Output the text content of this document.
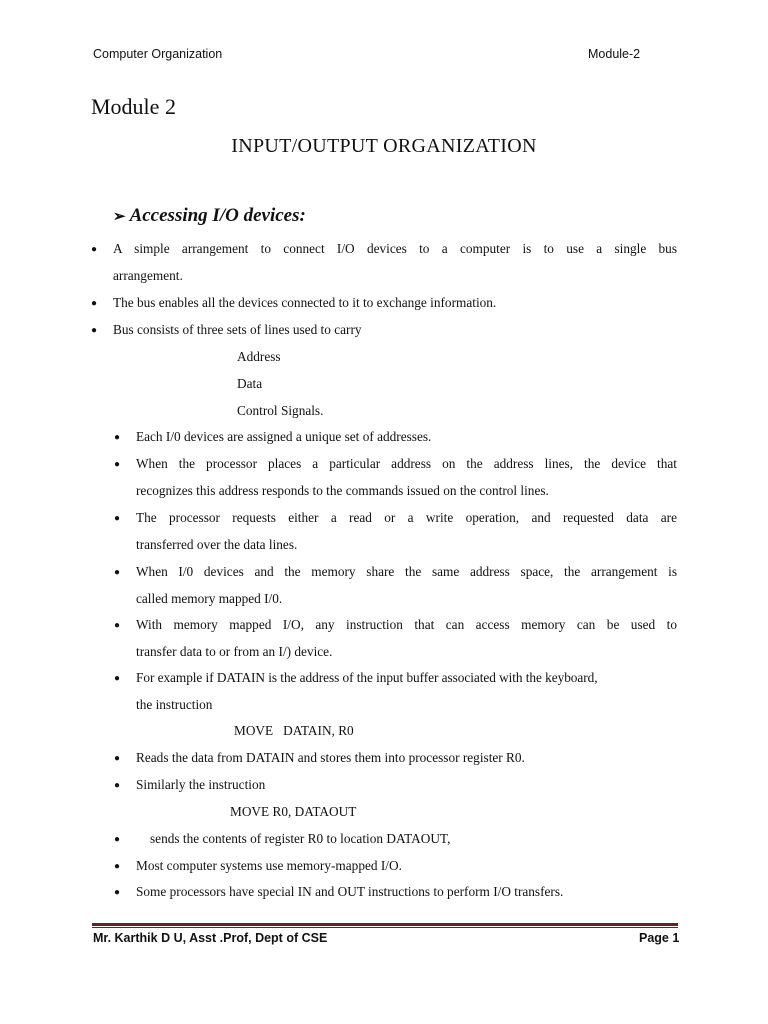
Computer Organization	Module-2
Module 2
INPUT/OUTPUT ORGANIZATION
➢ Accessing I/O devices:
● A simple arrangement to connect I/O devices to a computer is to use a single bus
arrangement.
● The bus enables all the devices connected to it to exchange information.
● Bus consists of three sets of lines used to carry
Address
Data
Control Signals.
● Each I/0 devices are assigned a unique set of addresses.
● When the processor places a particular address on the address lines, the device that
recognizes this address responds to the commands issued on the control lines.
● The processor requests either a read or a write operation, and requested data are
transferred over the data lines.
● When I/0 devices and the memory share the same address space, the arrangement is
called memory mapped I/0.
● With memory mapped I/O, any instruction that can access memory can be used to
transfer data to or from an I/) device.
● For example if DATAIN is the address of the input buffer associated with the keyboard,
the instruction
MOVE   DATAIN, R0
● Reads the data from DATAIN and stores them into processor register R0.
● Similarly the instruction
MOVE R0, DATAOUT
● sends the contents of register R0 to location DATAOUT,
● Most computer systems use memory-mapped I/O.
● Some processors have special IN and OUT instructions to perform I/O transfers.
Mr. Karthik D U, Asst .Prof, Dept of CSE	Page 1
